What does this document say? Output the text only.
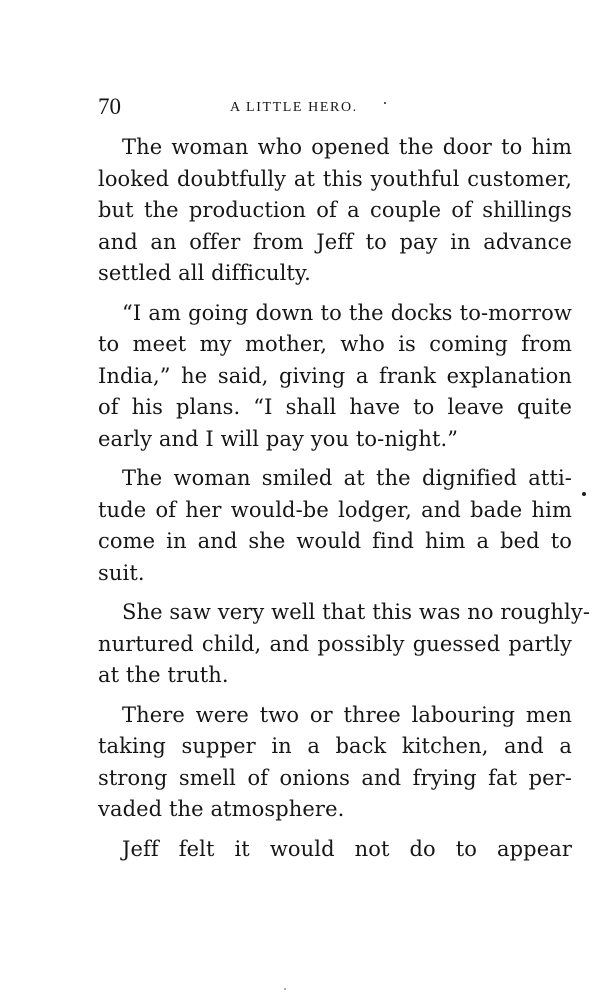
70	A LITTLE HERO.

The woman who opened the door to him
looked doubtfully at this youthful customer,
but the production of a couple of shillings
and an offer from Jeff to pay in advance
settled all difficulty.

“I am going down to the docks to-morrow
to meet my mother, who is coming from
India,” he said, giving a frank explanation
of his plans. “I shall have to leave quite
early and I will pay you to-night.”

The woman smiled at the dignified atti-
tude of her would-be lodger, and bade him
come in and she would find him a bed to
suit.

She saw very well that this was no roughly-
nurtured child, and possibly guessed partly
at the truth.

There were two or three labouring men
taking supper in a back kitchen, and a
strong smell of onions and frying fat per-
vaded the atmosphere.

Jeff felt it would not do to appear
